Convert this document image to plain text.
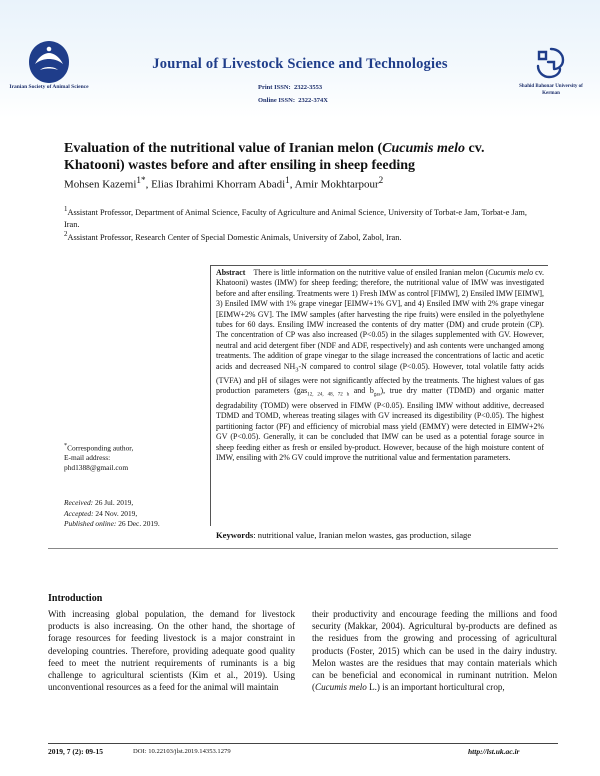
Iranian Society of Animal Science
Journal of Livestock Science and Technologies
Print ISSN: 2322-3553
Online ISSN: 2322-374X
Shahid Bahonar University of Kerman
Evaluation of the nutritional value of Iranian melon (Cucumis melo cv. Khatooni) wastes before and after ensiling in sheep feeding
Mohsen Kazemi$^{1*}$, Elias Ibrahimi Khorram Abadi$^1$, Amir Mokhtarpour$^2$
$^1$Assistant Professor, Department of Animal Science, Faculty of Agriculture and Animal Science, University of Torbat-e Jam, Torbat-e Jam, Iran.
$^2$Assistant Professor, Research Center of Special Domestic Animals, University of Zabol, Zabol, Iran.
Abstract There is little information on the nutritive value of ensiled Iranian melon (Cucumis melo cv. Khatooni) wastes (IMW) for sheep feeding; therefore, the nutritional value of IMW was investigated before and after ensiling. Treatments were 1) Fresh IMW as control [FIMW], 2) Ensiled IMW [EIMW], 3) Ensiled IMW with 1% grape vinegar [EIMW+1% GV], and 4) Ensiled IMW with 2% grape vinegar [EIMW+2% GV]. The IMW samples (after harvesting the ripe fruits) were ensiled in the polyethylene tubes for 60 days. Ensiling IMW increased the contents of dry matter (DM) and crude protein (CP). The concentration of CP was also increased (P<0.05) in the silages supplemented with GV. However, neutral and acid detergent fiber (NDF and ADF, respectively) and ash contents were unchanged among treatments. The addition of grape vinegar to the silage increased the concentrations of lactic and acetic acids and decreased $NH_3-N$ compared to control silage (P<0.05). However, total volatile fatty acids (TVFA) and pH of silages were not significantly affected by the treatments. The highest values of gas production parameters (gas$_{12, 24, 48, 72 h}$ and $b_{gas}$), true dry matter (TDMD) and organic matter degradability (TOMD) were observed in FIMW (P<0.05). Ensiling IMW without additive, decreased TDMD and TOMD, whereas treating silages with GV increased its digestibility (P<0.05). The highest partitioning factor (PF) and efficiency of microbial mass yield (EMMY) were detected in EIMW+2% GV (P<0.05). Generally, it can be concluded that IMW can be used as a potential forage source in sheep feeding either as fresh or ensiled by-product. However, because of the high moisture content of IMW, ensiling with 2% GV could improve the nutritional value and fermentation parameters.
Keywords: nutritional value, Iranian melon wastes, gas production, silage
*Corresponding author,
E-mail address:
phd1388@gmail.com
Received: 26 Jul. 2019,
Accepted: 24 Nov. 2019,
Published online: 26 Dec. 2019.
Introduction
With increasing global population, the demand for livestock products is also increasing. On the other hand, the shortage of forage resources for feeding livestock is a major constraint in developing countries. Therefore, providing adequate good quality feed to meet the nutrient requirements of ruminants is a big challenge to agricultural scientists (Kim et al., 2019). Using unconventional resources as a feed for the animal will maintain
their productivity and encourage feeding the millions and food security (Makkar, 2004). Agricultural by-products are defined as the residues from the growing and processing of agricultural products (Foster, 2015) which can be used in the dairy industry. Melon wastes are the residues that may contain materials which can be beneficial and economical in ruminant nutrition. Melon (Cucumis melo L.) is an important horticultural crop,
2019, 7 (2): 09-15	DOI: 10.22103/jlst.2019.14353.1279	http://lst.uk.ac.ir
